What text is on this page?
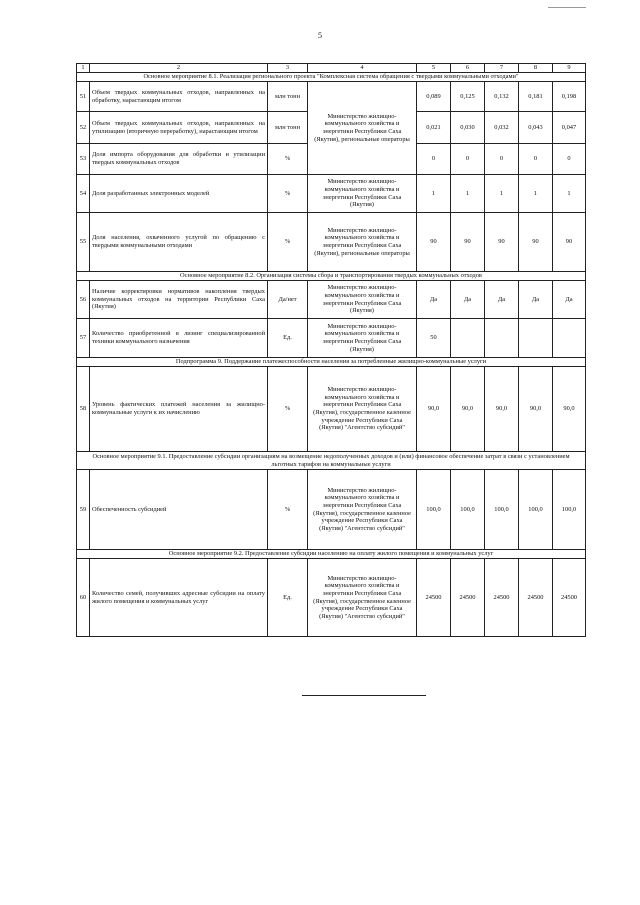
5
1	2	3	4	5	6	7	8	9
Основное мероприятие 8.1. Реализация регионального проекта "Комплексная система обращения с твердыми коммунальными отходами"								
51	Объем твердых коммунальных отходов, направленных на обработку, нарастающим итогом	млн тонн	Министерство жилищно-коммунального хозяйства и энергетики Республики Саха (Якутия), региональные операторы	0,089	0,125	0,132	0,181	0,198
52	Объем твердых коммунальных отходов, направленных на утилизацию (вторичную переработку), нарастающим итогом	млн тонн		0,021	0,030	0,032	0,043	0,047
53	Доля импорта оборудования для обработки и утилизации твердых коммунальных отходов	%		0	0	0	0	0
54	Доля разработанных электронных моделей	%	Министерство жилищно-коммунального хозяйства и энергетики Республики Саха (Якутия)	1	1	1	1	1
55	Доля населения, охваченного услугой по обращению с твердыми коммунальными отходами	%	Министерство жилищно-коммунального хозяйства и энергетики Республики Саха (Якутия), региональные операторы	90	90	90	90	90
Основное мероприятие 8.2. Организация системы сбора и транспортирования твердых коммунальных отходов								
56	Наличие корректировки нормативов накопления твердых коммунальных отходов на территории Республики Саха (Якутия)	Да/нет	Министерство жилищно-коммунального хозяйства и энергетики Республики Саха (Якутия)	Да	Да	Да	Да	Да
57	Количество приобретенной в лизинг специализированной техники коммунального назначения	Ед.	Министерство жилищно-коммунального хозяйства и энергетики Республики Саха (Якутия)	50				
Подпрограмма 9. Поддержание платежеспособности населения за потребленные жилищно-коммунальные услуги								
58	Уровень фактических платежей населения за жилищно-коммунальные услуги к их начислению	%	Министерство жилищно-коммунального хозяйства и энергетики Республики Саха (Якутия), государственное казенное учреждение Республики Саха (Якутия) "Агентство субсидий"	90,0	90,0	90,0	90,0	90,0
Основное мероприятие 9.1. Предоставление субсидии организациям на возмещение недополученных доходов и (или) финансовое обеспечение затрат в связи с установлением льготных тарифов на коммунальные услуги								
59	Обеспеченность субсидией	%	Министерство жилищно-коммунального хозяйства и энергетики Республики Саха (Якутия), государственное казенное учреждение Республики Саха (Якутия) "Агентство субсидий"	100,0	100,0	100,0	100,0	100,0
Основное мероприятие 9.2. Предоставление субсидии населению на оплату жилого помещения и коммунальных услуг								
60	Количество семей, получивших адресные субсидии на оплату жилого помещения и коммунальных услуг	Ед.	Министерство жилищно-коммунального хозяйства и энергетики Республики Саха (Якутия), государственное казенное учреждение Республики Саха (Якутия) "Агентство субсидий"	24500	24500	24500	24500	24500
